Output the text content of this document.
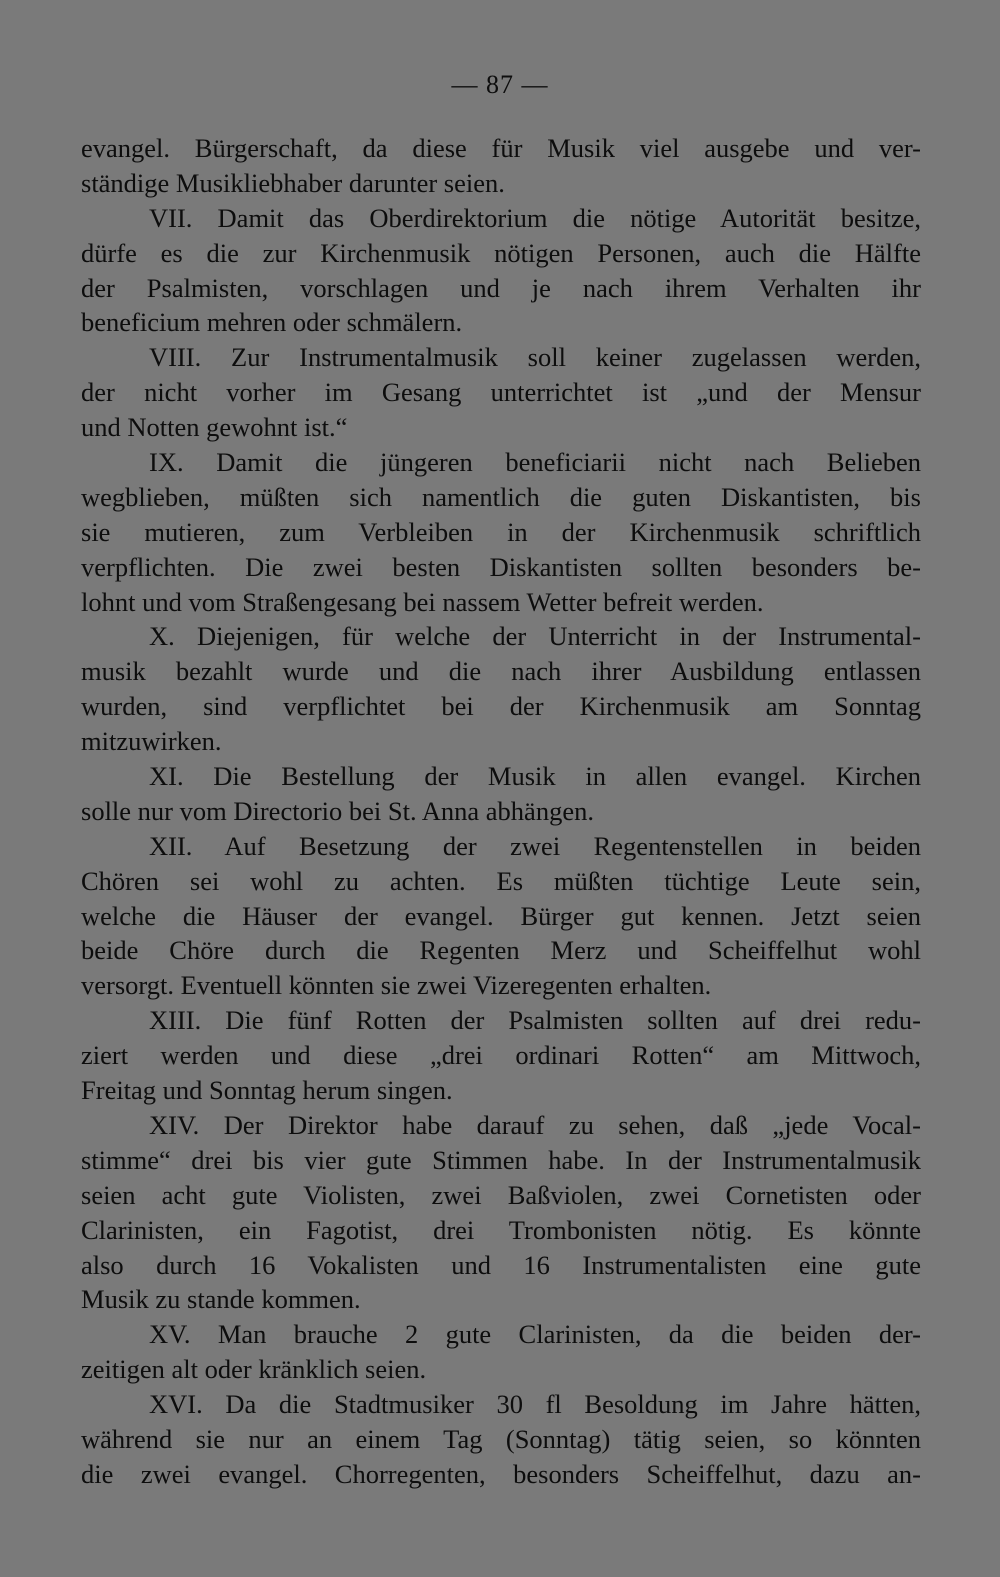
— 87 —
evangel. Bürgerschaft, da diese für Musik viel ausgebe und ver-
ständige Musikliebhaber darunter seien.
VII. Damit das Oberdirektorium die nötige Autorität besitze,
dürfe es die zur Kirchenmusik nötigen Personen, auch die Hälfte
der Psalmisten, vorschlagen und je nach ihrem Verhalten ihr
beneficium mehren oder schmälern.
VIII. Zur Instrumentalmusik soll keiner zugelassen werden,
der nicht vorher im Gesang unterrichtet ist „und der Mensur
und Notten gewohnt ist.“
IX. Damit die jüngeren beneficiarii nicht nach Belieben
wegblieben, müßten sich namentlich die guten Diskantisten, bis
sie mutieren, zum Verbleiben in der Kirchenmusik schriftlich
verpflichten. Die zwei besten Diskantisten sollten besonders be-
lohnt und vom Straßengesang bei nassem Wetter befreit werden.
X. Diejenigen, für welche der Unterricht in der Instrumental-
musik bezahlt wurde und die nach ihrer Ausbildung entlassen
wurden, sind verpflichtet bei der Kirchenmusik am Sonntag
mitzuwirken.
XI. Die Bestellung der Musik in allen evangel. Kirchen
solle nur vom Directorio bei St. Anna abhängen.
XII. Auf Besetzung der zwei Regentenstellen in beiden
Chören sei wohl zu achten. Es müßten tüchtige Leute sein,
welche die Häuser der evangel. Bürger gut kennen. Jetzt seien
beide Chöre durch die Regenten Merz und Scheiffelhut wohl
versorgt. Eventuell könnten sie zwei Vizeregenten erhalten.
XIII. Die fünf Rotten der Psalmisten sollten auf drei redu-
ziert werden und diese „drei ordinari Rotten“ am Mittwoch,
Freitag und Sonntag herum singen.
XIV. Der Direktor habe darauf zu sehen, daß „jede Vocal-
stimme“ drei bis vier gute Stimmen habe. In der Instrumentalmusik
seien acht gute Violisten, zwei Baßviolen, zwei Cornetisten oder
Clarinisten, ein Fagotist, drei Trombonisten nötig. Es könnte
also durch 16 Vokalisten und 16 Instrumentalisten eine gute
Musik zu stande kommen.
XV. Man brauche 2 gute Clarinisten, da die beiden der-
zeitigen alt oder kränklich seien.
XVI. Da die Stadtmusiker 30 fl Besoldung im Jahre hätten,
während sie nur an einem Tag (Sonntag) tätig seien, so könnten
die zwei evangel. Chorregenten, besonders Scheiffelhut, dazu an-
